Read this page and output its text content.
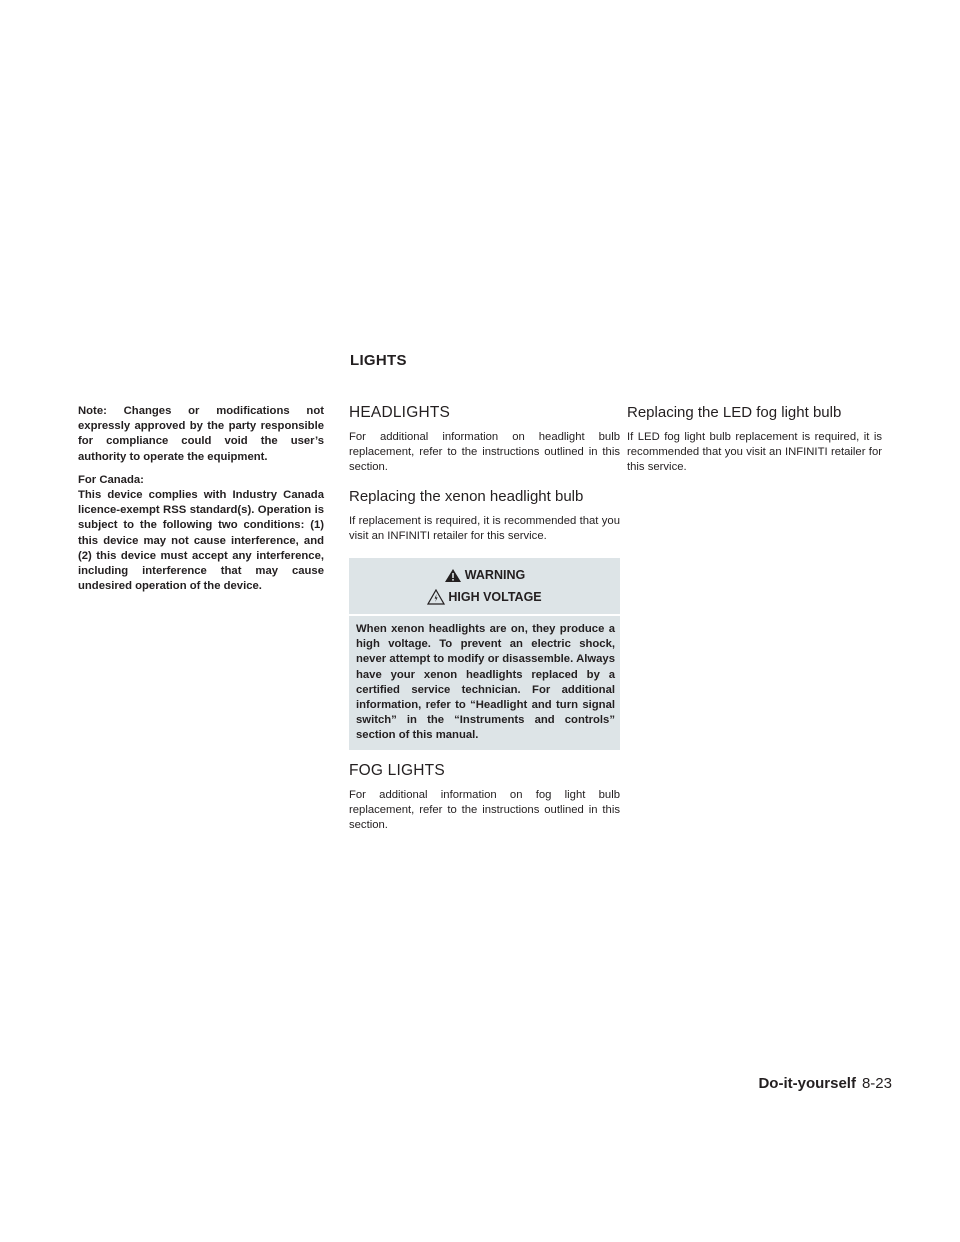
LIGHTS

Note: Changes or modifications not expressly approved by the party responsible for compliance could void the user’s authority to operate the equipment.

For Canada:
This device complies with Industry Canada licence-exempt RSS standard(s). Operation is subject to the following two conditions: (1) this device may not cause interference, and (2) this device must accept any interference, including interference that may cause undesired operation of the device.

HEADLIGHTS

For additional information on headlight bulb replacement, refer to the instructions outlined in this section.

Replacing the xenon headlight bulb

If replacement is required, it is recommended that you visit an INFINITI retailer for this service.

WARNING
HIGH VOLTAGE
When xenon headlights are on, they produce a high voltage. To prevent an electric shock, never attempt to modify or disassemble. Always have your xenon headlights replaced by a certified service technician. For additional information, refer to “Headlight and turn signal switch” in the “Instruments and controls” section of this manual.
FOG LIGHTS

For additional information on fog light bulb replacement, refer to the instructions outlined in this section.

Replacing the LED fog light bulb

If LED fog light bulb replacement is required, it is recommended that you visit an INFINITI retailer for this service.

Do-it-yourself 8-23
